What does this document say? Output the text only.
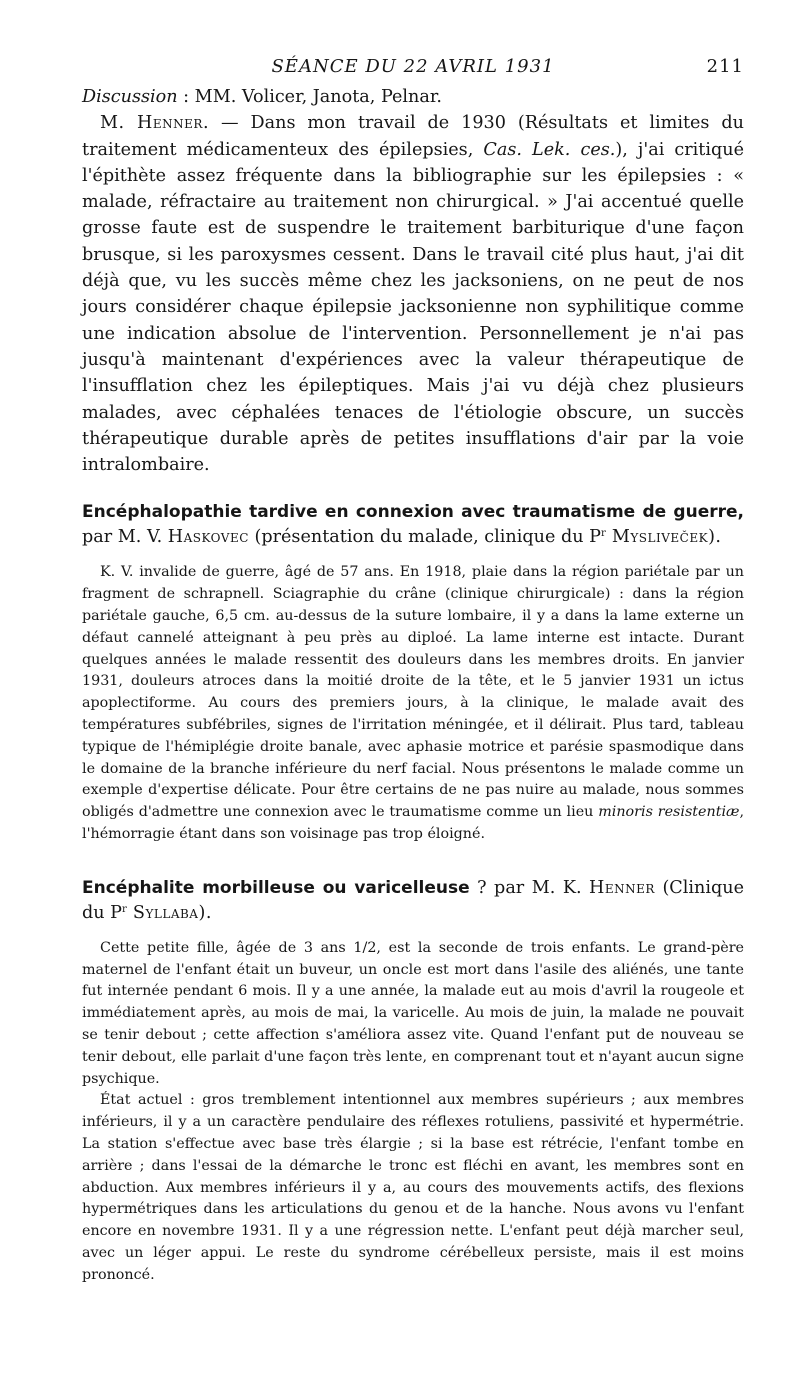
SÉANCE DU 22 AVRIL 1931	211

Discussion : MM. Volicer, Janota, Pelnar.

M. Henner. — Dans mon travail de 1930 (Résultats et limites du traitement médicamenteux des épilepsies, Cas. Lek. ces.), j'ai critiqué l'épithète assez fréquente dans la bibliographie sur les épilepsies : « malade, réfractaire au traitement non chirurgical. » J'ai accentué quelle grosse faute est de suspendre le traitement barbiturique d'une façon brusque, si les paroxysmes cessent. Dans le travail cité plus haut, j'ai dit déjà que, vu les succès même chez les jacksoniens, on ne peut de nos jours considérer chaque épilepsie jacksonienne non syphilitique comme une indication absolue de l'intervention. Personnellement je n'ai pas jusqu'à maintenant d'expériences avec la valeur thérapeutique de l'insufflation chez les épileptiques. Mais j'ai vu déjà chez plusieurs malades, avec céphalées tenaces de l'étiologie obscure, un succès thérapeutique durable après de petites insufflations d'air par la voie intralombaire.

Encéphalopathie tardive en connexion avec traumatisme de guerre, par M. V. Haskovec (présentation du malade, clinique du $P^r$ Mysliveček).

K. V. invalide de guerre, âgé de 57 ans. En 1918, plaie dans la région pariétale par un fragment de schrapnell. Sciagraphie du crâne (clinique chirurgicale) : dans la région pariétale gauche, 6,5 cm. au-dessus de la suture lombaire, il y a dans la lame externe un défaut cannelé atteignant à peu près au diploé. La lame interne est intacte. Durant quelques années le malade ressentit des douleurs dans les membres droits. En janvier 1931, douleurs atroces dans la moitié droite de la tête, et le 5 janvier 1931 un ictus apoplectiforme. Au cours des premiers jours, à la clinique, le malade avait des températures subfébriles, signes de l'irritation méningée, et il délirait. Plus tard, tableau typique de l'hémiplégie droite banale, avec aphasie motrice et parésie spasmodique dans le domaine de la branche inférieure du nerf facial. Nous présentons le malade comme un exemple d'expertise délicate. Pour être certains de ne pas nuire au malade, nous sommes obligés d'admettre une connexion avec le traumatisme comme un lieu minoris resistentiæ, l'hémorragie étant dans son voisinage pas trop éloigné.

Encéphalite morbilleuse ou varicelleuse ? par M. K. Henner (Clinique du $P^r$ Syllaba).

Cette petite fille, âgée de 3 ans 1/2, est la seconde de trois enfants. Le grand-père maternel de l'enfant était un buveur, un oncle est mort dans l'asile des aliénés, une tante fut internée pendant 6 mois. Il y a une année, la malade eut au mois d'avril la rougeole et immédiatement après, au mois de mai, la varicelle. Au mois de juin, la malade ne pouvait se tenir debout ; cette affection s'améliora assez vite. Quand l'enfant put de nouveau se tenir debout, elle parlait d'une façon très lente, en comprenant tout et n'ayant aucun signe psychique.

État actuel : gros tremblement intentionnel aux membres supérieurs ; aux membres inférieurs, il y a un caractère pendulaire des réflexes rotuliens, passivité et hypermétrie. La station s'effectue avec base très élargie ; si la base est rétrécie, l'enfant tombe en arrière ; dans l'essai de la démarche le tronc est fléchi en avant, les membres sont en abduction. Aux membres inférieurs il y a, au cours des mouvements actifs, des flexions hypermétriques dans les articulations du genou et de la hanche. Nous avons vu l'enfant encore en novembre 1931. Il y a une régression nette. L'enfant peut déjà marcher seul, avec un léger appui. Le reste du syndrome cérébelleux persiste, mais il est moins prononcé.
